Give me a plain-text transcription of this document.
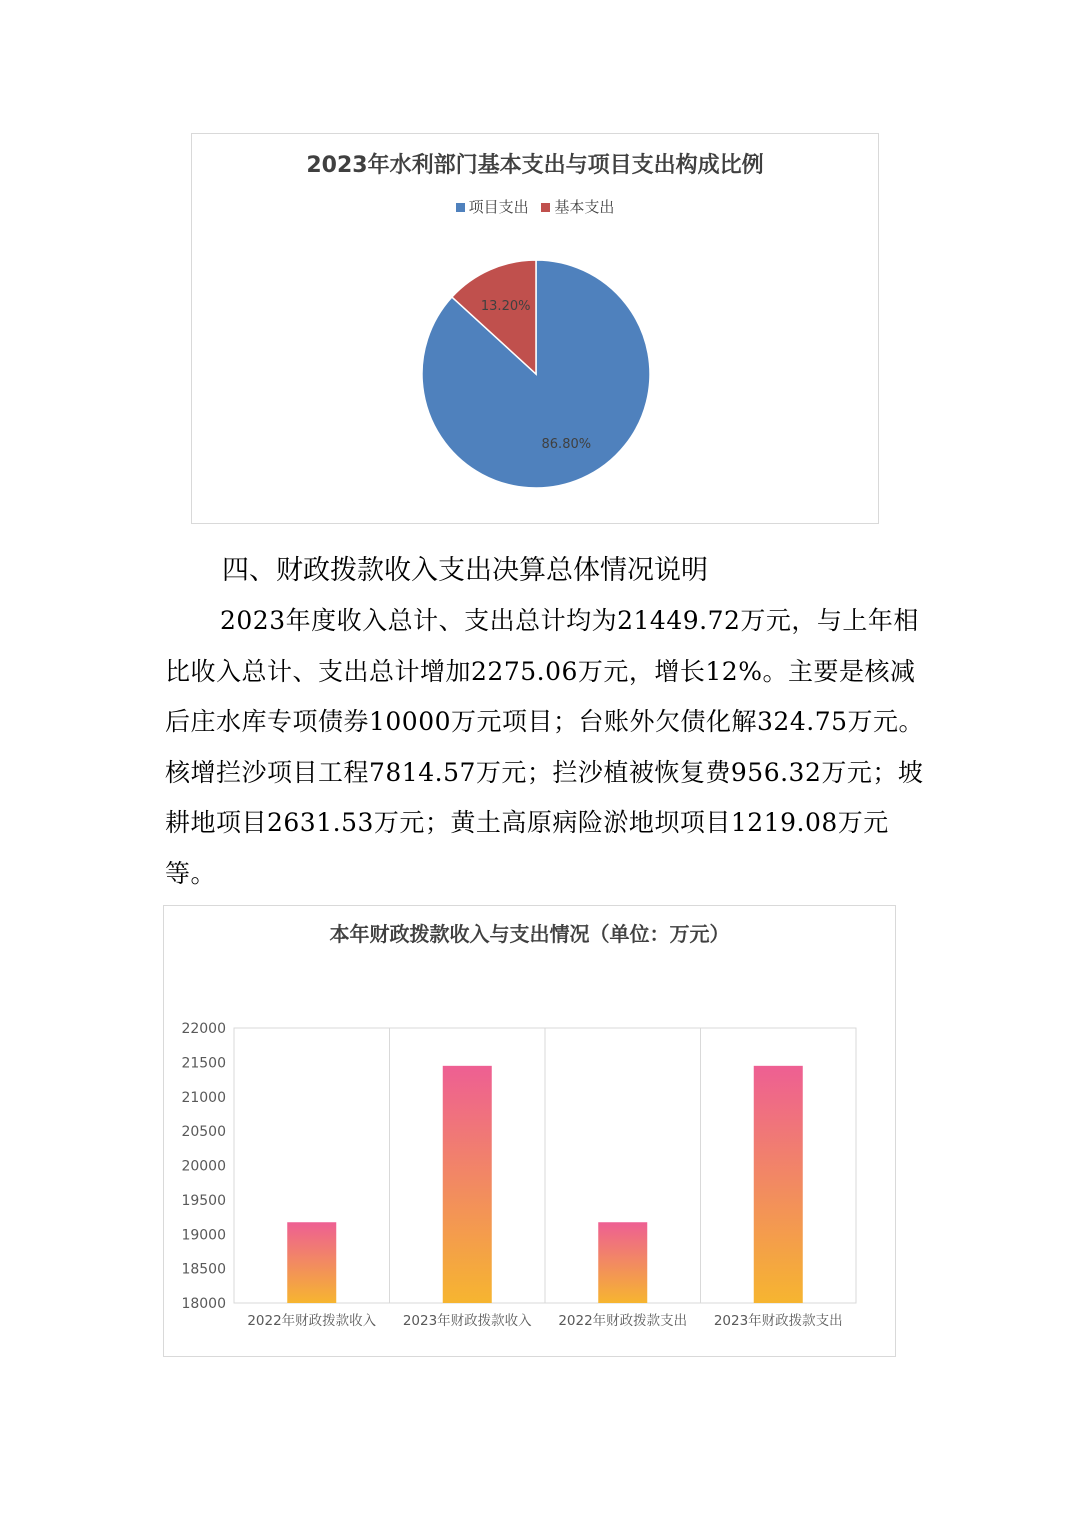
2023年水利部门基本支出与项目支出构成比例
项目支出 基本支出
86.80%
13.20%
四、财政拨款收入支出决算总体情况说明

2023年度收入总计、支出总计均为21449.72万元，与上年相比收入总计、支出总计增加2275.06万元，增长12%。主要是核减后庄水库专项债券10000万元项目；台账外欠债化解324.75万元。核增拦沙项目工程7814.57万元；拦沙植被恢复费956.32万元；坡耕地项目2631.53万元；黄土高原病险淤地坝项目1219.08万元等。

本年财政拨款收入与支出情况（单位：万元）
18000
18500
19000
19500
20000
20500
21000
21500
22000
2022年财政拨款收入 2023年财政拨款收入 2022年财政拨款支出 2023年财政拨款支出
